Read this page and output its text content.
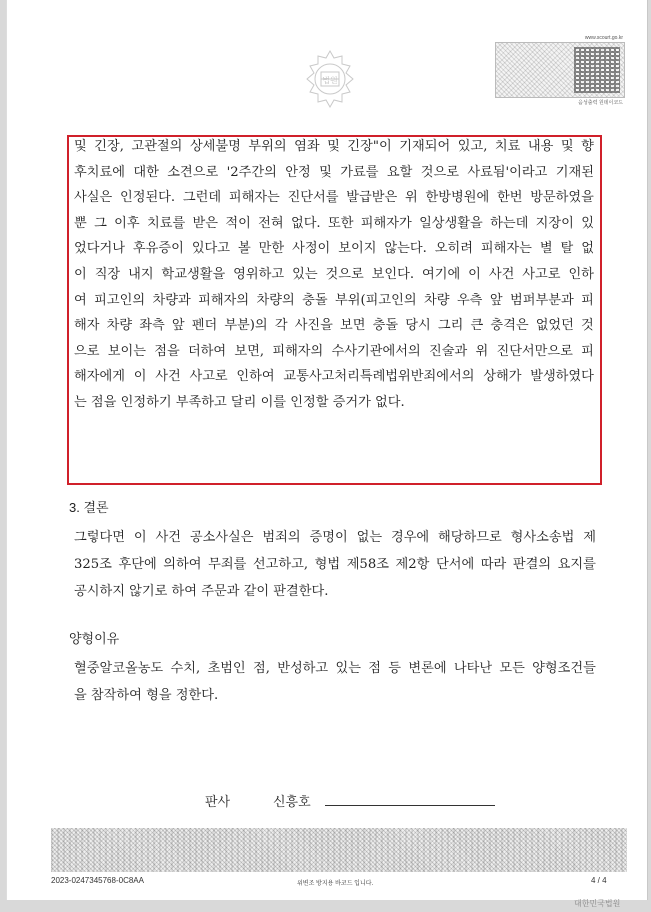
법원
www.scourt.go.kr
음성출력 원데이코드
및 긴장, 고관절의 상세불명 부위의 염좌 및 긴장"이 기재되어 있고, 치료 내용 및 향
후치료에 대한 소견으로 '2주간의 안정 및 가료를 요할 것으로 사료됨'이라고 기재된
사실은 인정된다. 그런데 피해자는 진단서를 발급받은 위 한방병원에 한번 방문하였을
뿐 그 이후 치료를 받은 적이 전혀 없다. 또한 피해자가 일상생활을 하는데 지장이 있
었다거나 후유증이 있다고 볼 만한 사정이 보이지 않는다. 오히려 피해자는 별 탈 없
이 직장 내지 학교생활을 영위하고 있는 것으로 보인다. 여기에 이 사건 사고로 인하
여 피고인의 차량과 피해자의 차량의 충돌 부위(피고인의 차량 우측 앞 범퍼부분과 피
해자 차량 좌측 앞 펜더 부분)의 각 사진을 보면 충돌 당시 그리 큰 충격은 없었던 것
으로 보이는 점을 더하여 보면, 피해자의 수사기관에서의 진술과 위 진단서만으로 피
해자에게 이 사건 사고로 인하여 교통사고처리특례법위반죄에서의 상해가 발생하였다
는 점을 인정하기 부족하고 달리 이를 인정할 증거가 없다.
3. 결론
그렇다면 이 사건 공소사실은 범죄의 증명이 없는 경우에 해당하므로 형사소송법 제
325조 후단에 의하여 무죄를 선고하고, 형법 제58조 제2항 단서에 따라 판결의 요지를
공시하지 않기로 하여 주문과 같이 판결한다.
양형이유
혈중알코올농도 수치, 초범인 점, 반성하고 있는 점 등 변론에 나타난 모든 양형조건들
을 참작하여 형을 정한다.
판사	신흥호
2023-0247345768-0C8AA	위변조 방지용 바코드 입니다.	4 / 4
대한민국법원
